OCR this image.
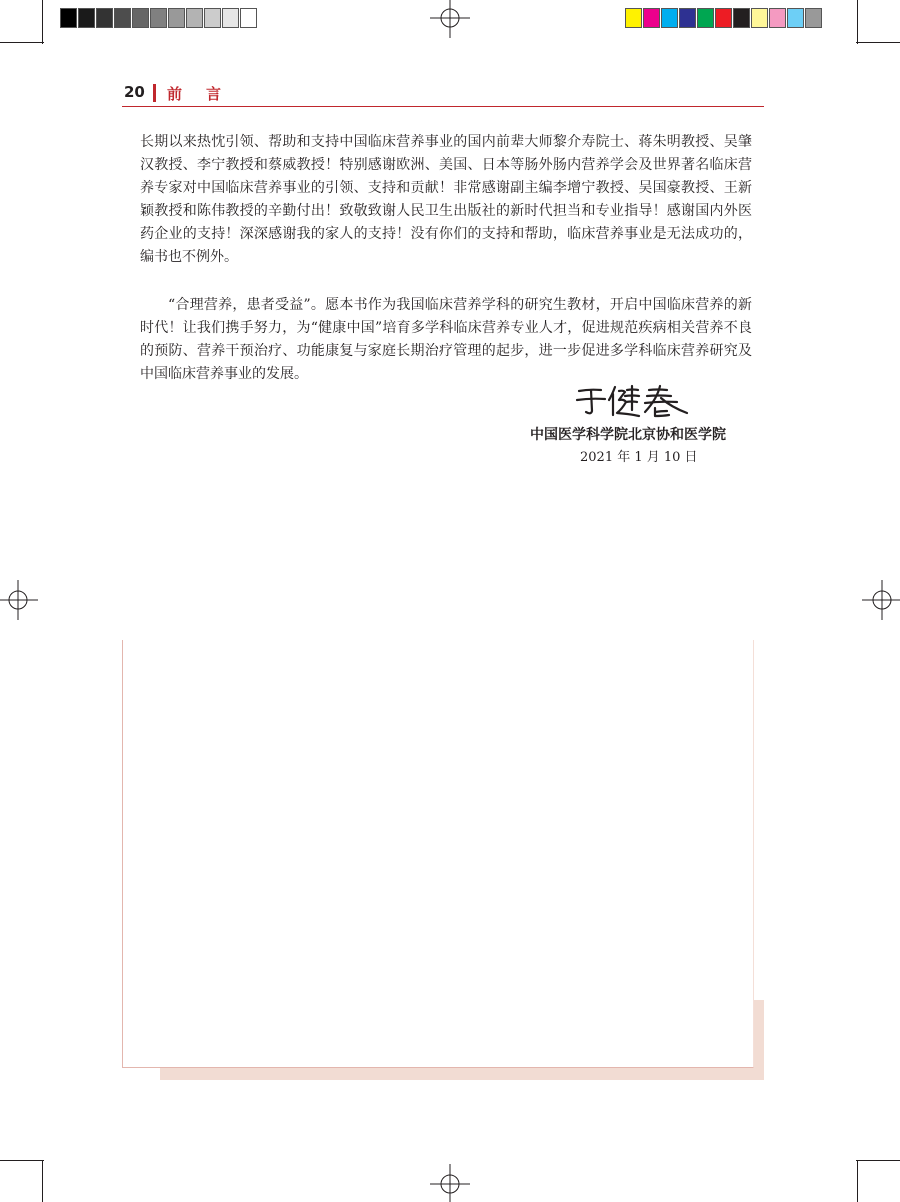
20 前言

长期以来热忱引领、帮助和支持中国临床营养事业的国内前辈大师黎介寿院士、蒋朱明教授、吴肇汉教授、李宁教授和蔡威教授！特别感谢欧洲、美国、日本等肠外肠内营养学会及世界著名临床营养专家对中国临床营养事业的引领、支持和贡献！非常感谢副主编李增宁教授、吴国豪教授、王新颖教授和陈伟教授的辛勤付出！致敬致谢人民卫生出版社的新时代担当和专业指导！感谢国内外医药企业的支持！深深感谢我的家人的支持！没有你们的支持和帮助，临床营养事业是无法成功的，编书也不例外。

“合理营养，患者受益”。愿本书作为我国临床营养学科的研究生教材，开启中国临床营养的新时代！让我们携手努力，为“健康中国”培育多学科临床营养专业人才，促进规范疾病相关营养不良的预防、营养干预治疗、功能康复与家庭长期治疗管理的起步，进一步促进多学科临床营养研究及中国临床营养事业的发展。

中国医学科学院北京协和医学院
2021 年 1 月 10 日
